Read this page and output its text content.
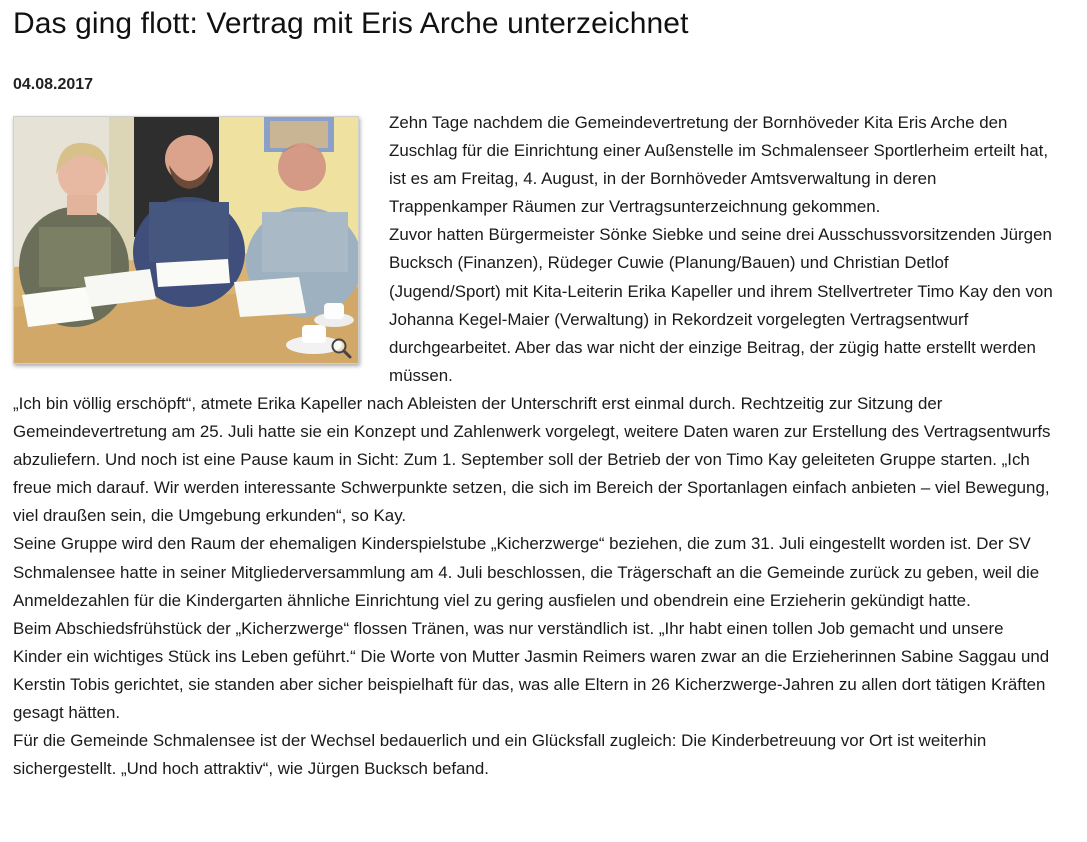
Das ging flott: Vertrag mit Eris Arche unterzeichnet
04.08.2017

Zehn Tage nachdem die Gemeindevertretung der Bornhöveder Kita Eris Arche den Zuschlag für die Einrichtung einer Außenstelle im Schmalenseer Sportlerheim erteilt hat, ist es am Freitag, 4. August, in der Bornhöveder Amtsverwaltung in deren Trappenkamper Räumen zur Vertragsunterzeichnung gekommen.

Zuvor hatten Bürgermeister Sönke Siebke und seine drei Ausschussvorsitzenden Jürgen Bucksch (Finanzen), Rüdeger Cuwie (Planung/Bauen) und Christian Detlof (Jugend/Sport) mit Kita-Leiterin Erika Kapeller und ihrem Stellvertreter Timo Kay den von Johanna Kegel-Maier (Verwaltung) in Rekordzeit vorgelegten Vertragsentwurf durchgearbeitet. Aber das war nicht der einzige Beitrag, der zügig hatte erstellt werden müssen.

„Ich bin völlig erschöpft“, atmete Erika Kapeller nach Ableisten der Unterschrift erst einmal durch. Rechtzeitig zur Sitzung der Gemeindevertretung am 25. Juli hatte sie ein Konzept und Zahlenwerk vorgelegt, weitere Daten waren zur Erstellung des Vertragsentwurfs abzuliefern. Und noch ist eine Pause kaum in Sicht: Zum 1. September soll der Betrieb der von Timo Kay geleiteten Gruppe starten. „Ich freue mich darauf. Wir werden interessante Schwerpunkte setzen, die sich im Bereich der Sportanlagen einfach anbieten – viel Bewegung, viel draußen sein, die Umgebung erkunden“, so Kay.

Seine Gruppe wird den Raum der ehemaligen Kinderspielstube „Kicherzwerge“ beziehen, die zum 31. Juli eingestellt worden ist. Der SV Schmalensee hatte in seiner Mitgliederversammlung am 4. Juli beschlossen, die Trägerschaft an die Gemeinde zurück zu geben, weil die Anmeldezahlen für die Kindergarten ähnliche Einrichtung viel zu gering ausfielen und obendrein eine Erzieherin gekündigt hatte.

Beim Abschiedsfrühstück der „Kicherzwerge“ flossen Tränen, was nur verständlich ist. „Ihr habt einen tollen Job gemacht und unsere Kinder ein wichtiges Stück ins Leben geführt.“ Die Worte von Mutter Jasmin Reimers waren zwar an die Erzieherinnen Sabine Saggau und Kerstin Tobis gerichtet, sie standen aber sicher beispielhaft für das, was alle Eltern in 26 Kicherzwerge-Jahren zu allen dort tätigen Kräften gesagt hätten.

Für die Gemeinde Schmalensee ist der Wechsel bedauerlich und ein Glücksfall zugleich: Die Kinderbetreuung vor Ort ist weiterhin sichergestellt. „Und hoch attraktiv“, wie Jürgen Bucksch befand.
